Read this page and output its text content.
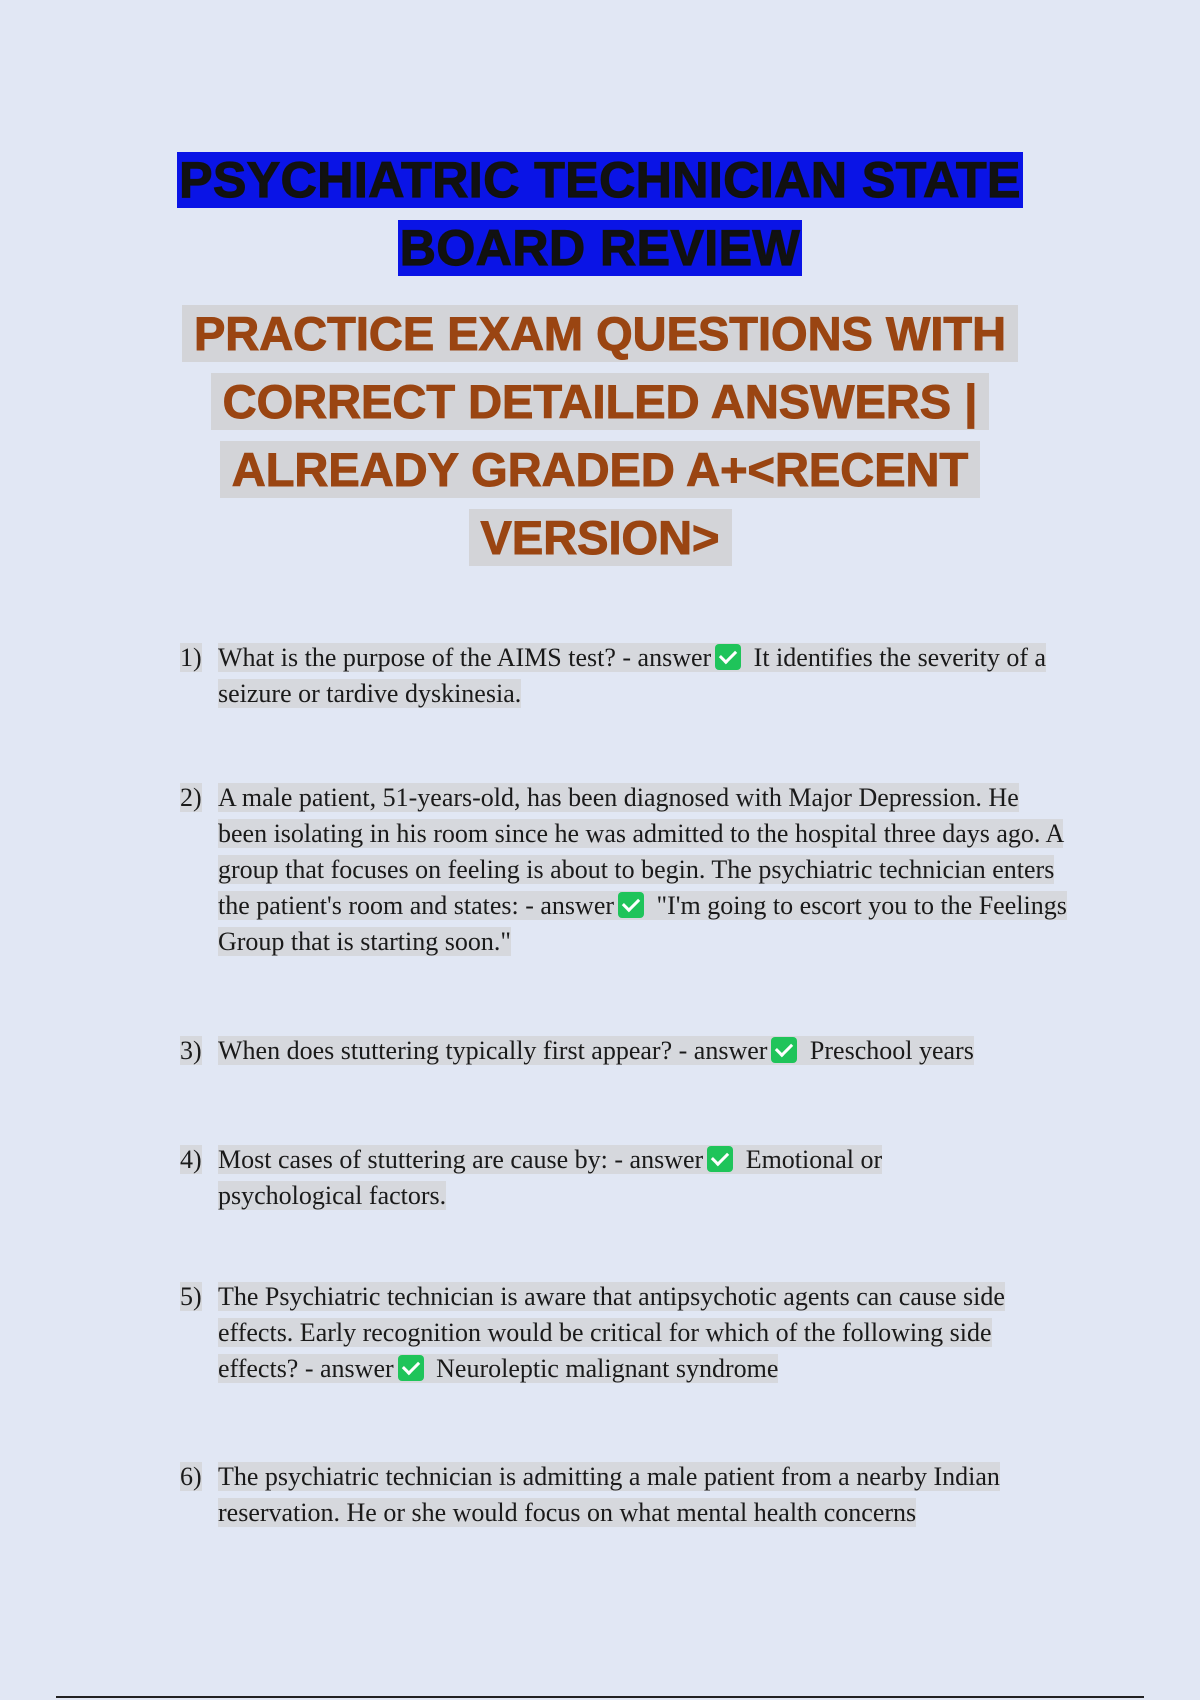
PSYCHIATRIC TECHNICIAN STATE
BOARD REVIEW
PRACTICE EXAM QUESTIONS WITH CORRECT DETAILED ANSWERS | ALREADY GRADED A+<RECENT VERSION>
1) What is the purpose of the AIMS test? - answer It identifies the severity of a seizure or tardive dyskinesia.
2) A male patient, 51-years-old, has been diagnosed with Major Depression. He been isolating in his room since he was admitted to the hospital three days ago. A group that focuses on feeling is about to begin. The psychiatric technician enters the patient's room and states: - answer "I'm going to escort you to the Feelings Group that is starting soon."
3) When does stuttering typically first appear? - answer Preschool years
4) Most cases of stuttering are cause by: - answer Emotional or psychological factors.
5) The Psychiatric technician is aware that antipsychotic agents can cause side effects. Early recognition would be critical for which of the following side effects? - answer Neuroleptic malignant syndrome
6) The psychiatric technician is admitting a male patient from a nearby Indian reservation. He or she would focus on what mental health concerns
